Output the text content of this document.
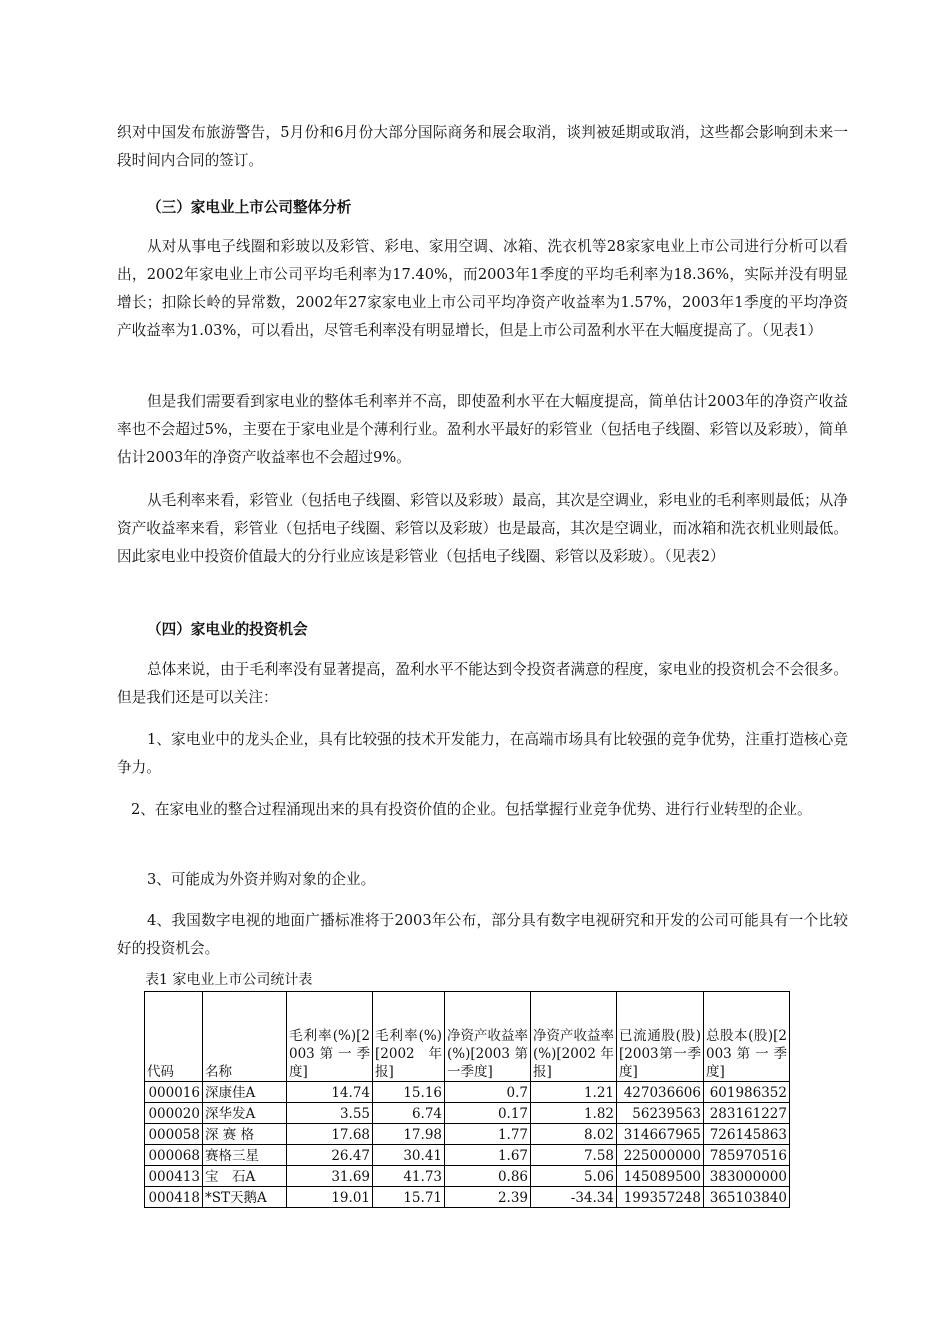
织对中国发布旅游警告，5月份和6月份大部分国际商务和展会取消，谈判被延期或取消，这些都会影响到未来一段时间内合同的签订。

（三）家电业上市公司整体分析

从对从事电子线圈和彩玻以及彩管、彩电、家用空调、冰箱、洗衣机等28家家电业上市公司进行分析可以看出，2002年家电业上市公司平均毛利率为17.40%，而2003年1季度的平均毛利率为18.36%，实际并没有明显增长；扣除长岭的异常数，2002年27家家电业上市公司平均净资产收益率为1.57%，2003年1季度的平均净资产收益率为1.03%，可以看出，尽管毛利率没有明显增长，但是上市公司盈利水平在大幅度提高了。（见表1）

但是我们需要看到家电业的整体毛利率并不高，即使盈利水平在大幅度提高，简单估计2003年的净资产收益率也不会超过5%，主要在于家电业是个薄利行业。盈利水平最好的彩管业（包括电子线圈、彩管以及彩玻），简单估计2003年的净资产收益率也不会超过9%。

从毛利率来看，彩管业（包括电子线圈、彩管以及彩玻）最高，其次是空调业，彩电业的毛利率则最低；从净资产收益率来看，彩管业（包括电子线圈、彩管以及彩玻）也是最高，其次是空调业，而冰箱和洗衣机业则最低。因此家电业中投资价值最大的分行业应该是彩管业（包括电子线圈、彩管以及彩玻）。（见表2）

（四）家电业的投资机会

总体来说，由于毛利率没有显著提高，盈利水平不能达到令投资者满意的程度，家电业的投资机会不会很多。但是我们还是可以关注：

1、家电业中的龙头企业，具有比较强的技术开发能力，在高端市场具有比较强的竞争优势，注重打造核心竞争力。

2、在家电业的整合过程涌现出来的具有投资价值的企业。包括掌握行业竞争优势、进行行业转型的企业。

3、可能成为外资并购对象的企业。

4、我国数字电视的地面广播标准将于2003年公布，部分具有数字电视研究和开发的公司可能具有一个比较好的投资机会。

表1 家电业上市公司统计表
代码	名称	毛利率(%)[2003第一季度]	毛利率(%)[2002年报]	净资产收益率(%)[2003第一季度]	净资产收益率(%)[2002年报]	已流通股(股)[2003第一季度]	总股本(股)[2003第一季度]
000016	深康佳A	14.74	15.16	0.7	1.21	427036606	601986352
000020	深华发A	3.55	6.74	0.17	1.82	56239563	283161227
000058	深 赛 格	17.68	17.98	1.77	8.02	314667965	726145863
000068	赛格三星	26.47	30.41	1.67	7.58	225000000	785970516
000413	宝　石A	31.69	41.73	0.86	5.06	145089500	383000000
000418	*ST天鹅A	19.01	15.71	2.39	-34.34	199357248	365103840
